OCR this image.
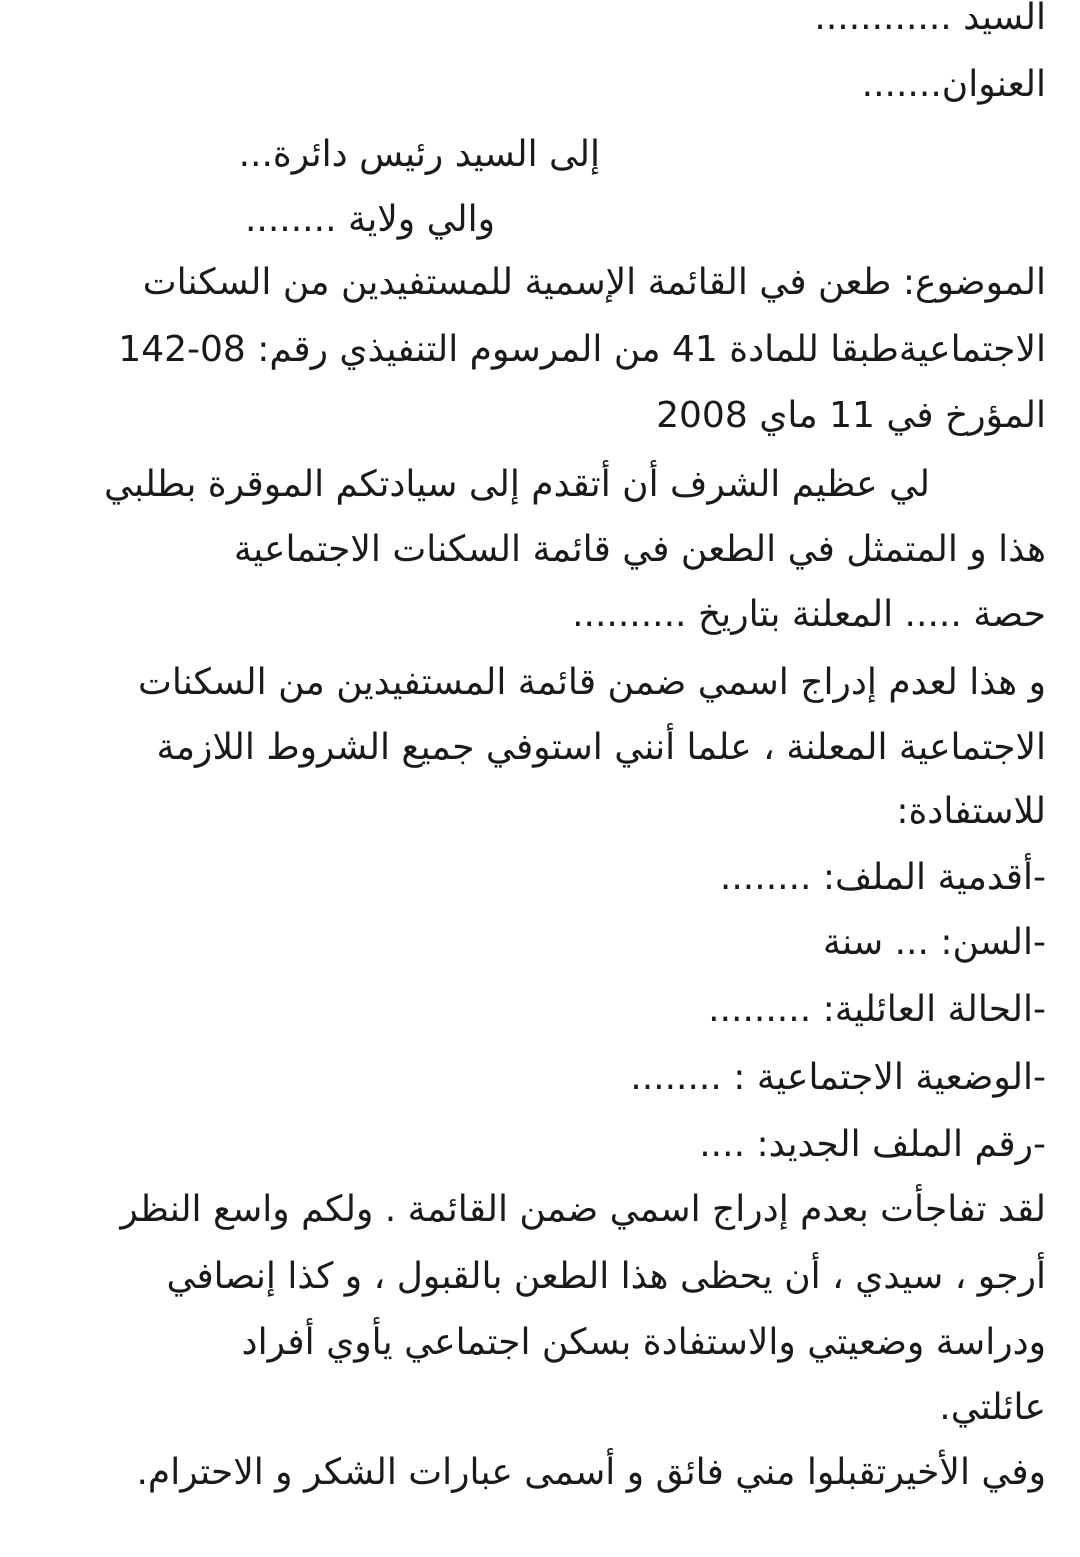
السيد ............
العنوان.......
إلى السيد رئيس دائرة...
والي ولاية ........
الموضوع: طعن في القائمة الإسمية للمستفيدين من السكنات
الاجتماعيةطبقا للمادة 41 من المرسوم التنفيذي رقم: 08-142
المؤرخ في 11 ماي 2008
لي عظيم الشرف أن أتقدم إلى سيادتكم الموقرة بطلبي
هذا و المتمثل في الطعن في قائمة السكنات الاجتماعية
حصة ..... المعلنة بتاريخ ..........
و هذا لعدم إدراج اسمي ضمن قائمة المستفيدين من السكنات
الاجتماعية المعلنة ، علما أنني استوفي جميع الشروط اللازمة
للاستفادة:
-أقدمية الملف: ........
-السن: ... سنة
-الحالة العائلية: .........
-الوضعية الاجتماعية : ........
-رقم الملف الجديد: ....
لقد تفاجأت بعدم إدراج اسمي ضمن القائمة . ولكم واسع النظر
أرجو ، سيدي ، أن يحظى هذا الطعن بالقبول ، و كذا إنصافي
ودراسة وضعيتي والاستفادة بسكن اجتماعي يأوي أفراد
عائلتي.
وفي الأخيرتقبلوا مني فائق و أسمى عبارات الشكر و الاحترام.
